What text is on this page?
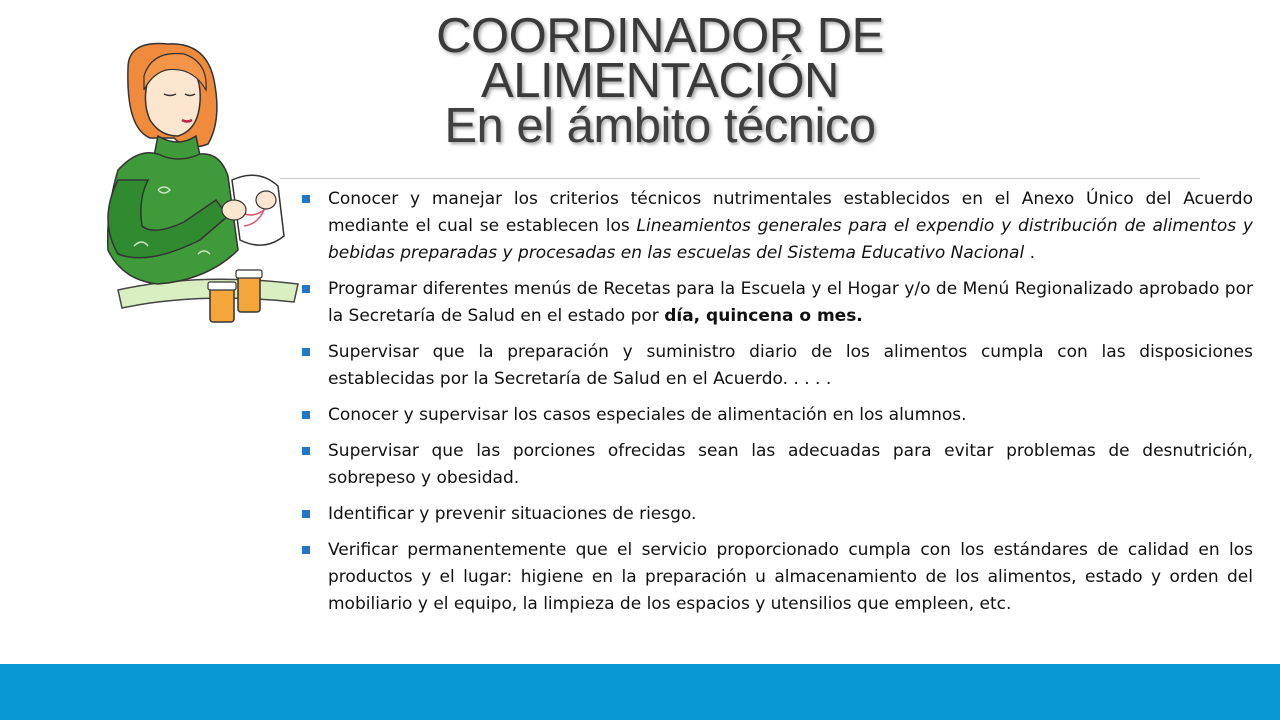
COORDINADOR DE
ALIMENTACIÓN
En el ámbito técnico
Conocer y manejar los criterios técnicos nutrimentales establecidos en el Anexo Único del Acuerdo mediante el cual se establecen los Lineamientos generales para el expendio y distribución de alimentos y bebidas preparadas y procesadas en las escuelas del Sistema Educativo Nacional .
Programar diferentes menús de Recetas para la Escuela y el Hogar y/o de Menú Regionalizado aprobado por la Secretaría de Salud en el estado por día, quincena o mes.
Supervisar que la preparación y suministro diario de los alimentos cumpla con las disposiciones establecidas por la Secretaría de Salud en el Acuerdo. . . . .
Conocer y supervisar los casos especiales de alimentación en los alumnos.
Supervisar que las porciones ofrecidas sean las adecuadas para evitar problemas de desnutrición, sobrepeso y obesidad.
Identificar y prevenir situaciones de riesgo.
Verificar permanentemente que el servicio proporcionado cumpla con los estándares de calidad en los productos y el lugar: higiene en la preparación u almacenamiento de los alimentos, estado y orden del mobiliario y el equipo, la limpieza de los espacios y utensilios que empleen, etc.
